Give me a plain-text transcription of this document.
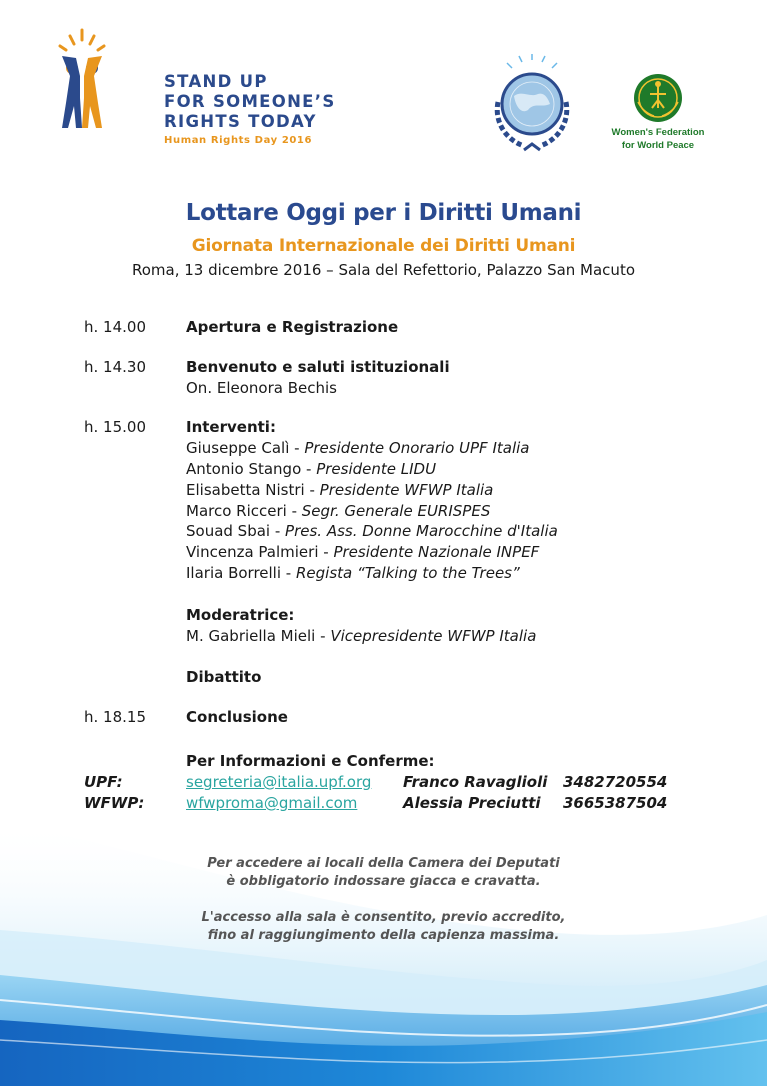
STAND UP
FOR SOMEONE’S
RIGHTS TODAY
Human Rights Day 2016
Women's Federation for World Peace
Lottare Oggi per i Diritti Umani
Giornata Internazionale dei Diritti Umani
Roma, 13 dicembre 2016 – Sala del Refettorio, Palazzo San Macuto
h. 14.00	Apertura e Registrazione
h. 14.30	Benvenuto e saluti istituzionali
On. Eleonora Bechis
h. 15.00	Interventi:
Giuseppe Calì - Presidente Onorario UPF Italia
Antonio Stango - Presidente LIDU
Elisabetta Nistri - Presidente WFWP Italia
Marco Ricceri - Segr. Generale EURISPES
Souad Sbai - Pres. Ass. Donne Marocchine d'Italia
Vincenza Palmieri - Presidente Nazionale INPEF
Ilaria Borrelli - Regista “Talking to the Trees”
Moderatrice:
M. Gabriella Mieli - Vicepresidente WFWP Italia
Dibattito
h. 18.15	Conclusione
Per Informazioni e Conferme:
UPF:	segreteria@italia.upf.org	Franco Ravaglioli	3482720554
WFWP:	wfwproma@gmail.com	Alessia Preciutti	3665387504

Per accedere ai locali della Camera dei Deputati
è obbligatorio indossare giacca e cravatta.

L'accesso alla sala è consentito, previo accredito,
fino al raggiungimento della capienza massima.
